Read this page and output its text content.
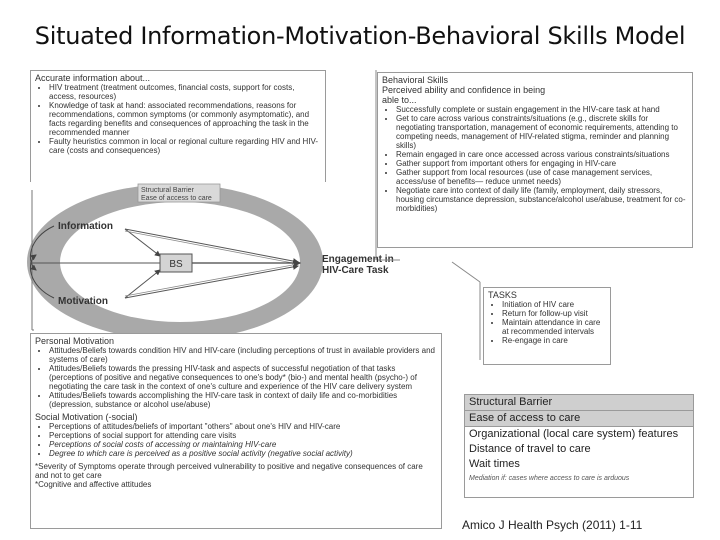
Situated Information-Motivation-Behavioral Skills Model
BS
Information
Motivation
Engagement in
HIV-Care Task
Structural Barrier
Ease of access to care
Accurate information about...
• HIV treatment (treatment outcomes, financial costs, support for costs, access, resources)
• Knowledge of task at hand: associated recommendations, reasons for recommendations, common symptoms (or commonly asymptomatic), and facts regarding benefits and consequences of approaching the task in the recommended manner
• Faulty heuristics common in local or regional culture regarding HIV and HIV-care (costs and consequences)
Behavioral Skills
Perceived ability and confidence in being
able to...
• Successfully complete or sustain engagement in the HIV-care task at hand
• Get to care across various constraints/situations (e.g., discrete skills for negotiating transportation, management of economic requirements, attending to competing needs, management of HIV-related stigma, reminder and planning skills)
• Remain engaged in care once accessed across various constraints/situations
• Gather support from important others for engaging in HIV-care
• Gather support from local resources (use of case management services, access/use of benefits— reduce unmet needs)
• Negotiate care into context of daily life (family, employment, daily stressors, housing circumstance depression, substance/alcohol use/abuse, treatment for co-morbidities)
TASKS
• Initiation of HIV care
• Return for follow-up visit
• Maintain attendance in care at recommended intervals
• Re-engage in care
Personal Motivation
• Attitudes/Beliefs towards condition HIV and HIV-care (including perceptions of trust in available providers and systems of care)
• Attitudes/Beliefs towards the pressing HIV-task and aspects of successful negotiation of that tasks (perceptions of positive and negative consequences to one's body* (bio-) and mental health (psycho-) of negotiating the care task in the context of one's culture and experience of the HIV care delivery system
• Attitudes/Beliefs towards accomplishing the HIV-care task in context of daily life and co-morbidities (depression, substance or alcohol use/abuse)
Social Motivation (-social)
• Perceptions of attitudes/beliefs of important "others" about one's HIV and HIV-care
• Perceptions of social support for attending care visits
• Perceptions of social costs of accessing or maintaining HIV-care
• Degree to which care is perceived as a positive social activity (negative social activity)
*Severity of Symptoms operate through perceived vulnerability to positive and negative consequences of care and not to get care
*Cognitive and affective attitudes
Structural Barrier
Ease of access to care
Organizational (local care system) features
Distance of travel to care
Wait times
Mediation if: cases where access to care is arduous
Amico J Health Psych (2011) 1-11
